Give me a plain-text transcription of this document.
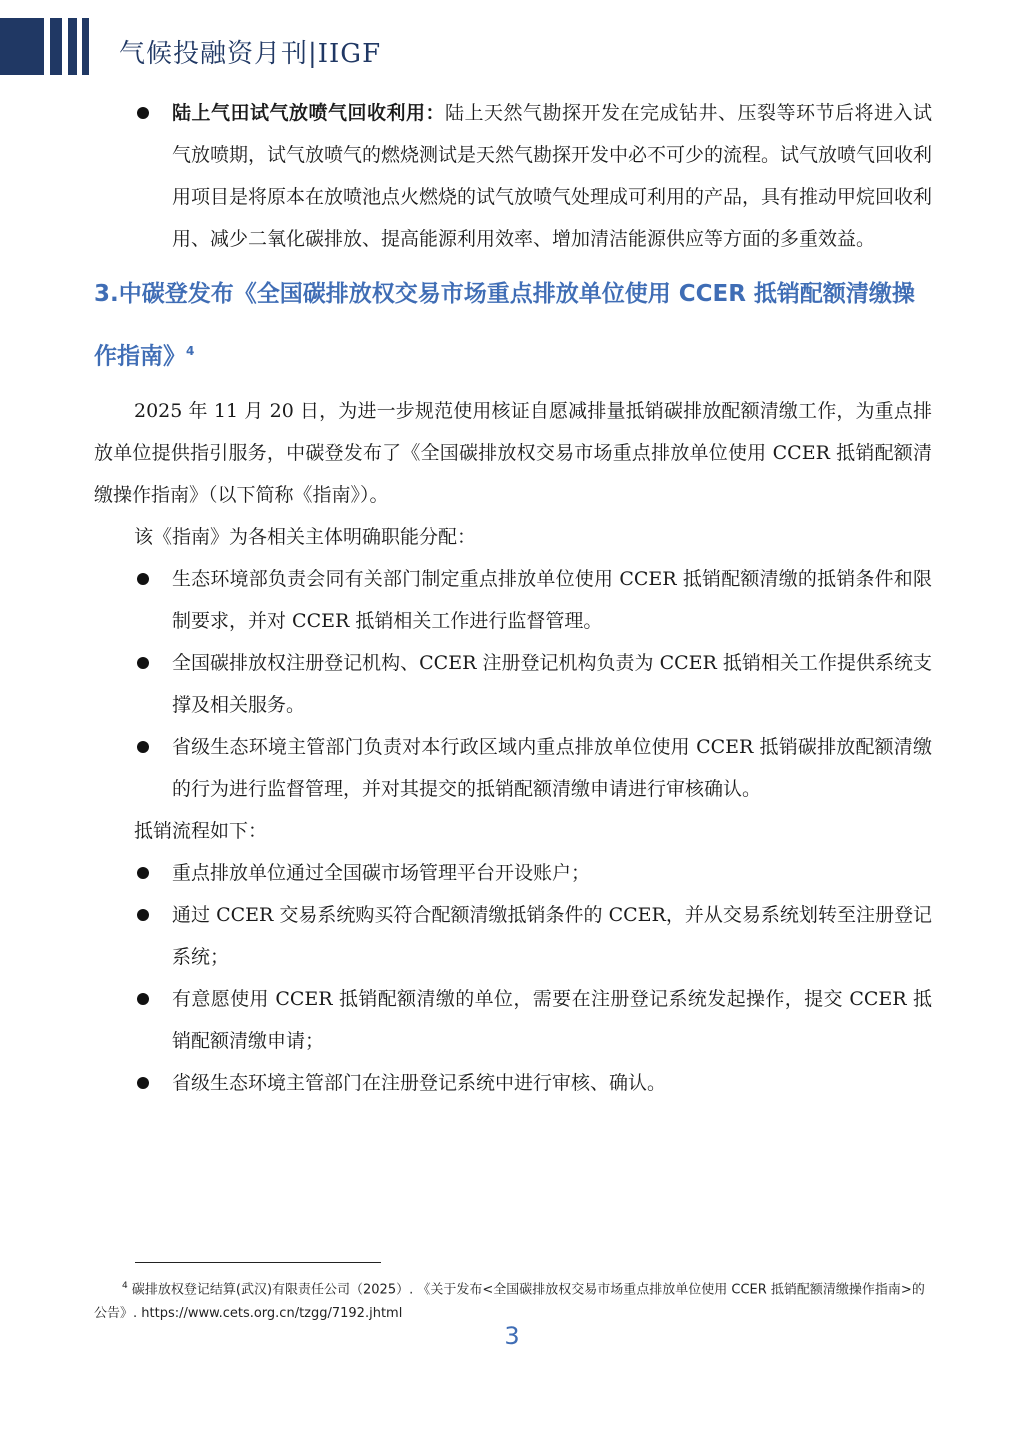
气候投融资月刊|IIGF
陆上气田试气放喷气回收利用：陆上天然气勘探开发在完成钻井、压裂等环节后将进入试气放喷期，试气放喷气的燃烧测试是天然气勘探开发中必不可少的流程。试气放喷气回收利用项目是将原本在放喷池点火燃烧的试气放喷气处理成可利用的产品，具有推动甲烷回收利用、减少二氧化碳排放、提高能源利用效率、增加清洁能源供应等方面的多重效益。
3.中碳登发布《全国碳排放权交易市场重点排放单位使用 CCER 抵销配额清缴操作指南》$^4$
2025 年 11 月 20 日，为进一步规范使用核证自愿减排量抵销碳排放配额清缴工作，为重点排放单位提供指引服务，中碳登发布了《全国碳排放权交易市场重点排放单位使用 CCER 抵销配额清缴操作指南》（以下简称《指南》）。
该《指南》为各相关主体明确职能分配：
生态环境部负责会同有关部门制定重点排放单位使用 CCER 抵销配额清缴的抵销条件和限制要求，并对 CCER 抵销相关工作进行监督管理。
全国碳排放权注册登记机构、CCER 注册登记机构负责为 CCER 抵销相关工作提供系统支撑及相关服务。
省级生态环境主管部门负责对本行政区域内重点排放单位使用 CCER 抵销碳排放配额清缴的行为进行监督管理，并对其提交的抵销配额清缴申请进行审核确认。
抵销流程如下：
重点排放单位通过全国碳市场管理平台开设账户；
通过 CCER 交易系统购买符合配额清缴抵销条件的 CCER，并从交易系统划转至注册登记系统；
有意愿使用 CCER 抵销配额清缴的单位，需要在注册登记系统发起操作，提交 CCER 抵销配额清缴申请；
省级生态环境主管部门在注册登记系统中进行审核、确认。
$^4$ 碳排放权登记结算(武汉)有限责任公司（2025）. 《关于发布<全国碳排放权交易市场重点排放单位使用 CCER 抵销配额清缴操作指南>的公告》. https://www.cets.org.cn/tzgg/7192.jhtml
3
